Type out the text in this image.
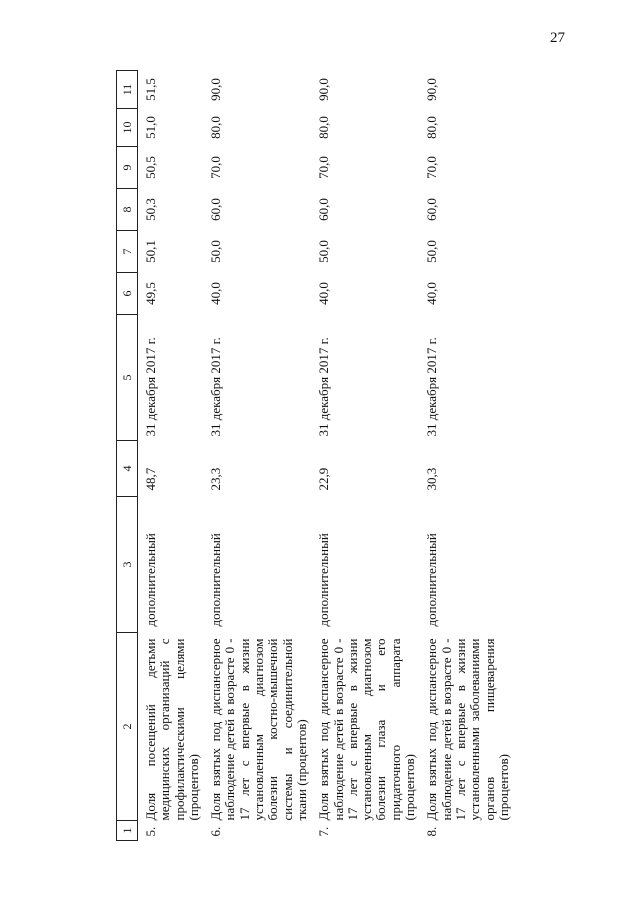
27
1	2	3	4	5	6	7	8	9	10	11
5.	Доля посещений детьми медицинских организаций с профилактическими целями (процентов)	дополнительный	48,7	31 декабря 2017 г.	49,5	50,1	50,3	50,5	51,0	51,5
6.	Доля взятых под диспансерное наблюдение детей в возрасте 0 - 17 лет с впервые в жизни установленным диагнозом болезни костно-мышечной системы и соединительной ткани (процентов)	дополнительный	23,3	31 декабря 2017 г.	40,0	50,0	60,0	70,0	80,0	90,0
7.	Доля взятых под диспансерное наблюдение детей в возрасте 0 - 17 лет с впервые в жизни установленным диагнозом болезни глаза и его придаточного аппарата (процентов)	дополнительный	22,9	31 декабря 2017 г.	40,0	50,0	60,0	70,0	80,0	90,0
8.	Доля взятых под диспансерное наблюдение детей в возрасте 0 - 17 лет с впервые в жизни установленными заболеваниями органов пищеварения (процентов)	дополнительный	30,3	31 декабря 2017 г.	40,0	50,0	60,0	70,0	80,0	90,0
